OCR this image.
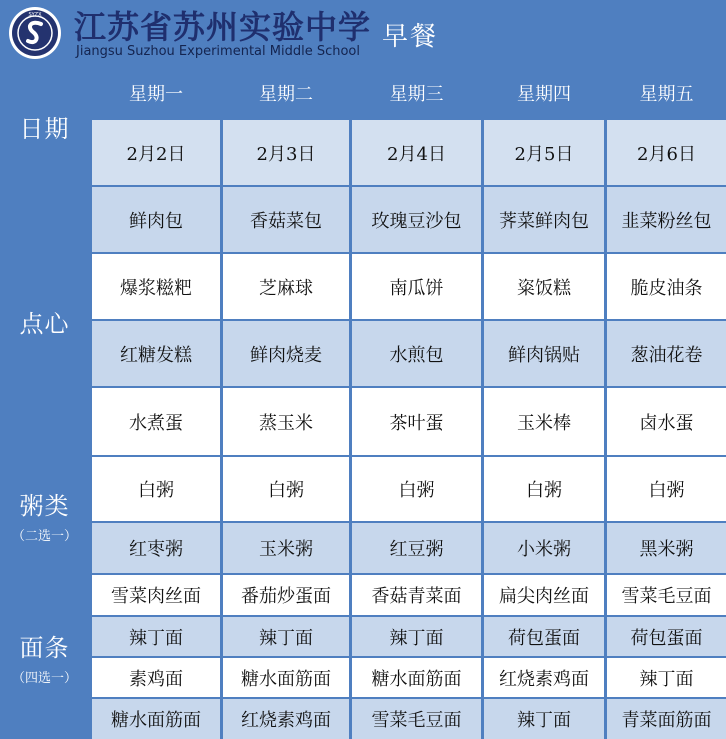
SYZX 江苏省苏州实验中学
Jiangsu Suzhou Experimental Middle School 早餐
日期
点心
粥类
（二选一）
面条
（四选一）
星期一	星期二	星期三	星期四	星期五
2月2日	2月3日	2月4日	2月5日	2月6日
鲜肉包	香菇菜包	玫瑰豆沙包	荠菜鲜肉包	韭菜粉丝包
爆浆糍粑	芝麻球	南瓜饼	粢饭糕	脆皮油条
红糖发糕	鲜肉烧麦	水煎包	鲜肉锅贴	葱油花卷
水煮蛋	蒸玉米	茶叶蛋	玉米棒	卤水蛋
白粥	白粥	白粥	白粥	白粥
红枣粥	玉米粥	红豆粥	小米粥	黑米粥
雪菜肉丝面	番茄炒蛋面	香菇青菜面	扁尖肉丝面	雪菜毛豆面
辣丁面	辣丁面	辣丁面	荷包蛋面	荷包蛋面
素鸡面	糖水面筋面	糖水面筋面	红烧素鸡面	辣丁面
糖水面筋面	红烧素鸡面	雪菜毛豆面	辣丁面	青菜面筋面
